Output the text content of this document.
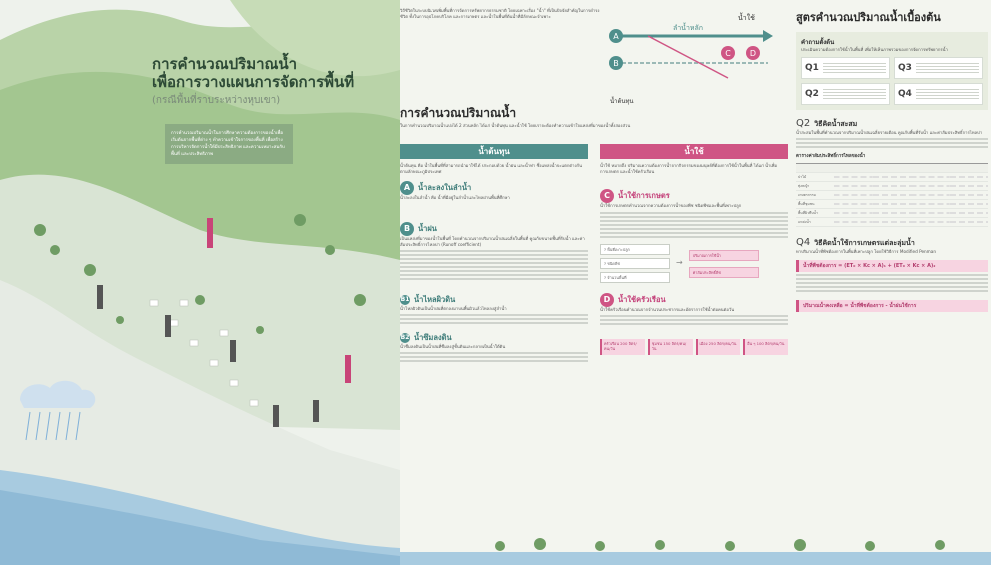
การคำนวณปริมาณน้ำ
เพื่อการวางแผนการจัดการพื้นที่
(กรณีพื้นที่ราบระหว่างหุบเขา)

การคำนวณปริมาณน้ำในการศึกษาความต้องการของน้ำเพื่อเริ่มต้นจากพื้นที่ต่าง ๆ ทำความเข้าใจการของพื้นที่ เพื่อสร้างการบริหารจัดการน้ำให้มีประสิทธิภาพ และความเหมาะสมกับพื้นที่ และประสิทธิภาพ

วิถีชีวิตในระบบนิเวศเพิ่มพื้นที่การจัดการทรัพยากรธรรมชาติ โดยเฉพาะเรื่อง "น้ำ" ที่เป็นปัจจัยสำคัญในการดำรงชีวิต ทั้งในการอุปโภคบริโภค และการเกษตร และน้ำในพื้นที่ต้นน้ำที่มีลักษณะจำเพาะ

A
B
C D
ลำน้ำหลัก
น้ำใช้
น้ำต้นทุน
การคำนวณปริมาณน้ำ

ในการคำนวณปริมาณน้ำแบ่งได้ 2 ส่วนหลัก ได้แก่ น้ำต้นทุน และน้ำใช้ โดยเราจะต้องทำความเข้าใจแหล่งที่มาของน้ำทั้งสองส่วน

น้ำต้นทุน

น้ำต้นทุน คือ น้ำในพื้นที่ที่สามารถนำมาใช้ได้ ประกอบด้วย น้ำฝน และน้ำท่า ซึ่งแหล่งน้ำจะแตกต่างกันตามลักษณะภูมิประเทศ

A	น้ำละลงในลำน้ำ

น้ำละลงในลำน้ำ คือ น้ำที่มีอยู่ในลำน้ำและไหลผ่านพื้นที่ศึกษา

B	น้ำฝน

เป็นแหล่งที่มาของน้ำในพื้นที่ โดยคำนวณจากปริมาณน้ำฝนเฉลี่ยในพื้นที่ คูณกับขนาดพื้นที่รับน้ำ และค่าสัมประสิทธิ์การไหลบ่า (Runoff coefficient)

B1 น้ำไหลผิวดิน

น้ำไหลผิวดินเป็นน้ำฝนที่ตกลงมาบนพื้นผิวแล้วไหลลงสู่ลำน้ำ

B2 น้ำซึมลงดิน

น้ำซึมลงดินเป็นน้ำฝนที่ซึมลงสู่ชั้นดินและกลายเป็นน้ำใต้ดิน

น้ำใช้

น้ำใช้ หมายถึง ปริมาณความต้องการน้ำจากกิจกรรมของมนุษย์ที่ต้องการใช้น้ำในพื้นที่ ได้แก่ น้ำเพื่อการเกษตร และน้ำใช้ครัวเรือน

C	น้ำใช้การเกษตร

น้ำใช้การเกษตรคำนวณจากความต้องการน้ำของพืช ชนิดพืชและพื้นที่เพาะปลูก

? พื้นที่เพาะปลูก
? ชนิดพืช
? จำนวนพื้นที่
→
ปริมาณการใช้น้ำ
ค่าสัมประสิทธิ์พืช
D	น้ำใช้ครัวเรือน

น้ำใช้ครัวเรือนคำนวณจากจำนวนประชากรและอัตราการใช้น้ำต่อคนต่อวัน

ครัวเรือน 200 ลิตร/คน/วัน
ชุมชน 150 ลิตร/คน/วัน
เมือง 250 ลิตร/คน/วัน	อื่น ๆ 100 ลิตร/คน/วัน
สูตรคำนวณปริมาณน้ำเบื้องต้น
คำถามตั้งต้น

ประเมินความต้องการใช้น้ำในพื้นที่ เพื่อให้เห็นภาพรวมของการจัดการทรัพยากรน้ำ

Q1	Q3
Q2	Q4
Q2 วิธีคิดน้ำสะสม

น้ำสะสมในพื้นที่คำนวณจากปริมาณน้ำฝนเฉลี่ยรายเดือน คูณกับพื้นที่รับน้ำ และค่าสัมประสิทธิ์การไหลบ่า

ตารางค่าสัมประสิทธิ์การไหลของน้ำ
ป่าไม้
ทุ่งหญ้า
เกษตรกรรม
พื้นที่ชุมชน
พื้นที่ผิวทึบน้ำ
แหล่งน้ำ
Q4 วิธีคิดน้ำใช้การเกษตรแต่ละลุ่มน้ำ

หาปริมาณน้ำที่พืชต้องการในพื้นที่เพาะปลูก โดยใช้วิธีการ Modified Penman

น้ำที่พืชต้องการ = (ET₀ × Kc × A)₁ + (ET₀ × Kc × A)₂
ปริมาณน้ำคงเหลือ = น้ำที่พืชต้องการ - น้ำฝนใช้การ
